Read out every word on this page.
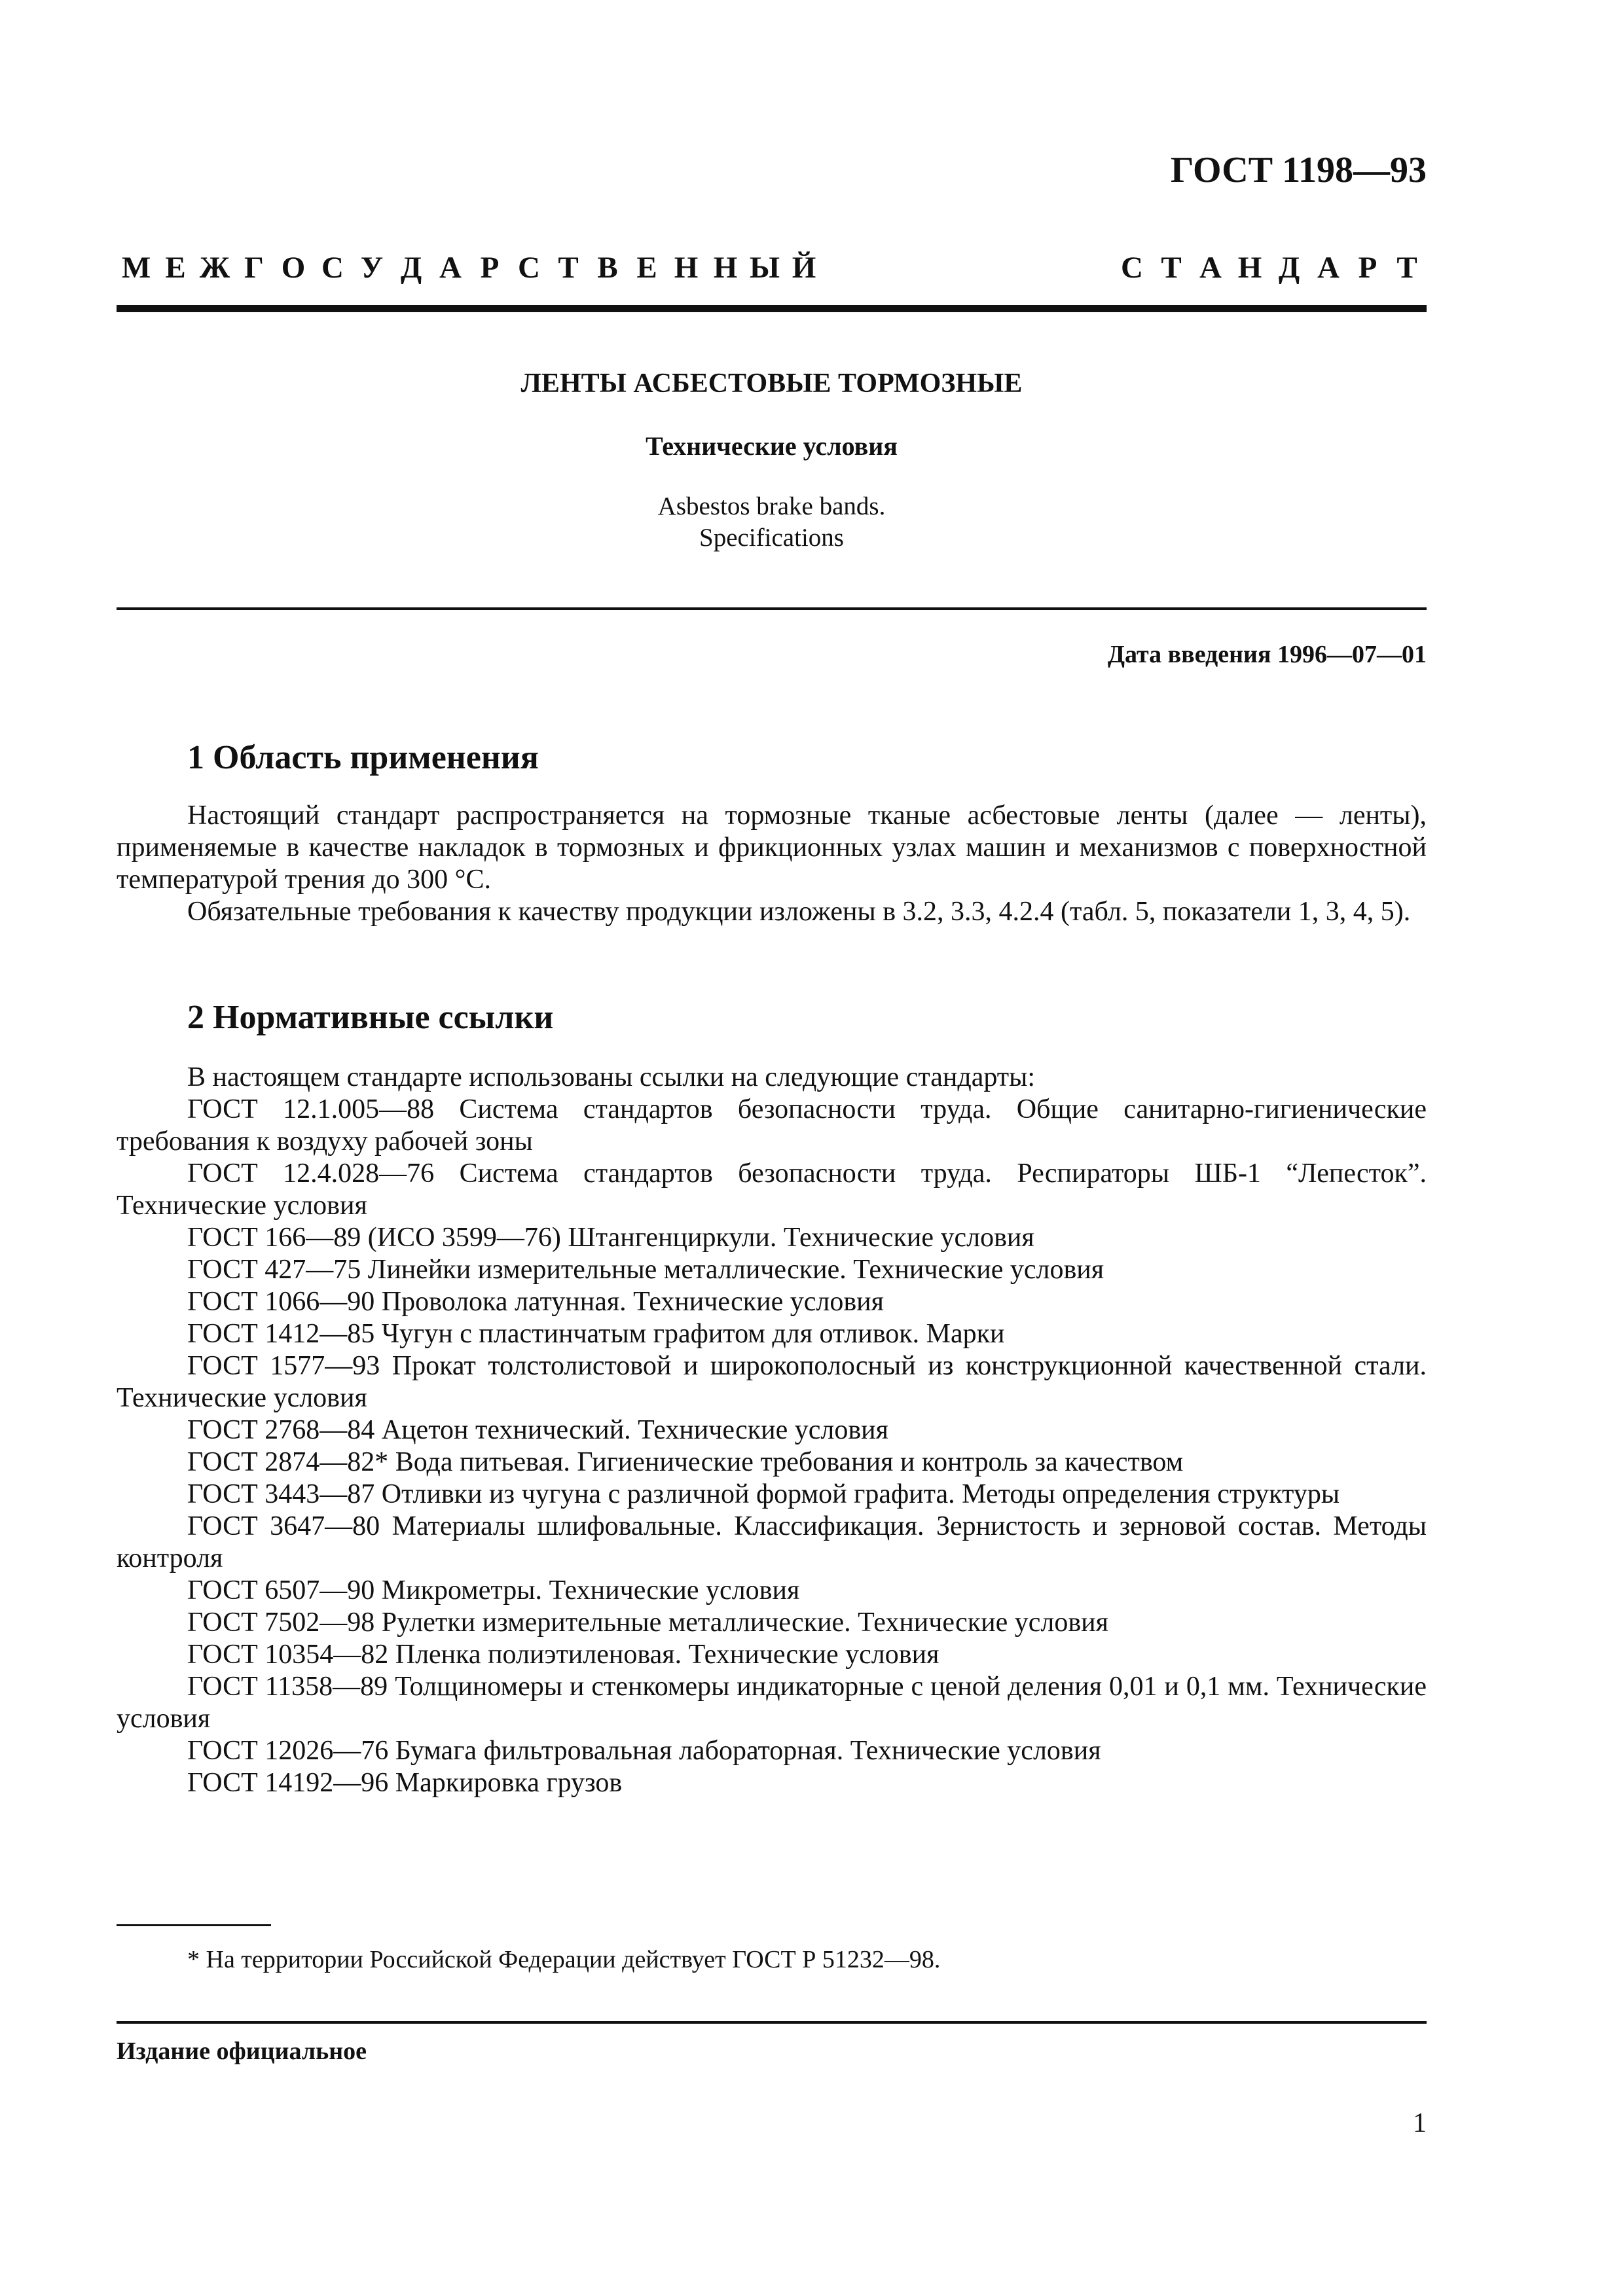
ГОСТ 1198—93
М Е Ж Г О С У Д А Р С Т В Е Н Н Ы Й	С Т А Н Д А Р Т
ЛЕНТЫ АСБЕСТОВЫЕ ТОРМОЗНЫЕ
Технические условия
Asbestos brake bands.
Specifications
Дата введения 1996—07—01
1 Область применения

Настоящий стандарт распространяется на тормозные тканые асбестовые ленты (далее — ленты), применяемые в качестве накладок в тормозных и фрикционных узлах машин и механизмов с поверхностной температурой трения до 300 °С.

Обязательные требования к качеству продукции изложены в 3.2, 3.3, 4.2.4 (табл. 5, показатели 1, 3, 4, 5).

2 Нормативные ссылки

В настоящем стандарте использованы ссылки на следующие стандарты:

ГОСТ 12.1.005—88 Система стандартов безопасности труда. Общие санитарно-гигиенические требования к воздуху рабочей зоны

ГОСТ 12.4.028—76 Система стандартов безопасности труда. Респираторы ШБ-1 “Лепесток”. Технические условия

ГОСТ 166—89 (ИСО 3599—76) Штангенциркули. Технические условия

ГОСТ 427—75 Линейки измерительные металлические. Технические условия

ГОСТ 1066—90 Проволока латунная. Технические условия

ГОСТ 1412—85 Чугун с пластинчатым графитом для отливок. Марки

ГОСТ 1577—93 Прокат толстолистовой и широкополосный из конструкционной качественной стали. Технические условия

ГОСТ 2768—84 Ацетон технический. Технические условия

ГОСТ 2874—82* Вода питьевая. Гигиенические требования и контроль за качеством

ГОСТ 3443—87 Отливки из чугуна с различной формой графита. Методы определения структуры

ГОСТ 3647—80 Материалы шлифовальные. Классификация. Зернистость и зерновой состав. Методы контроля

ГОСТ 6507—90 Микрометры. Технические условия

ГОСТ 7502—98 Рулетки измерительные металлические. Технические условия

ГОСТ 10354—82 Пленка полиэтиленовая. Технические условия

ГОСТ 11358—89 Толщиномеры и стенкомеры индикаторные с ценой деления 0,01 и 0,1 мм. Технические условия

ГОСТ 12026—76 Бумага фильтровальная лабораторная. Технические условия

ГОСТ 14192—96 Маркировка грузов

* На территории Российской Федерации действует ГОСТ Р 51232—98.
Издание официальное
1
